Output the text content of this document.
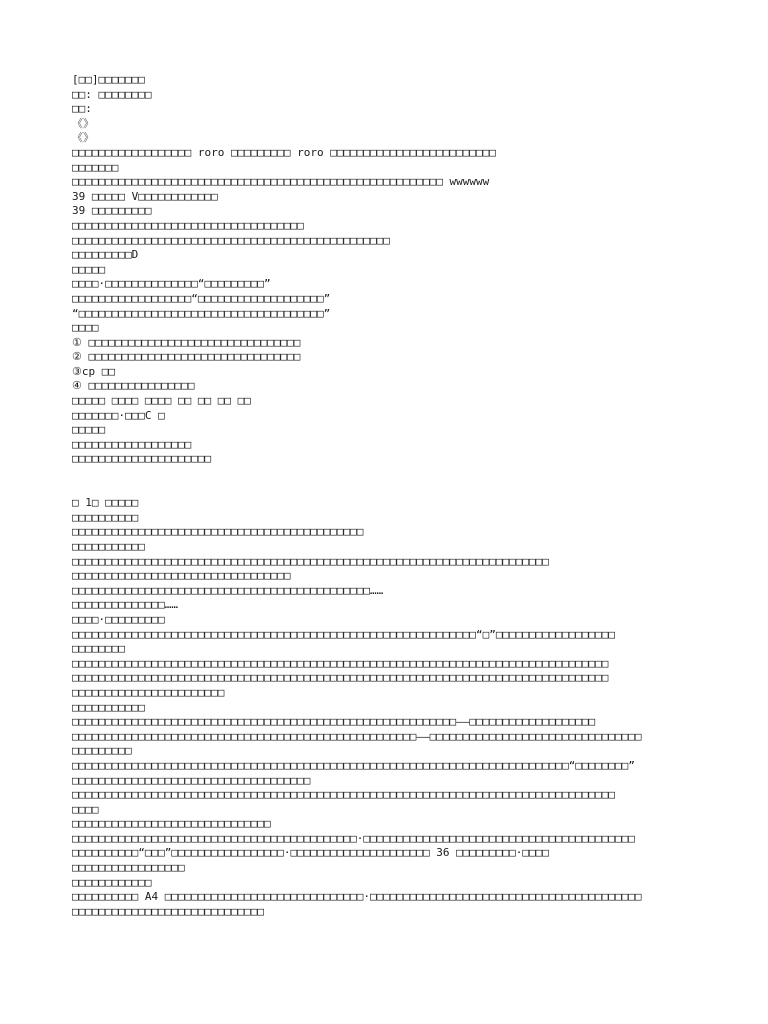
[□□]□□□□□□□
□□: □□□□□□□□
□□:
《》
《》
□□□□□□□□□□□□□□□□□□ roro □□□□□□□□□ roro □□□□□□□□□□□□□□□□□□□□□□□□□
□□□□□□□
□□□□□□□□□□□□□□□□□□□□□□□□□□□□□□□□□□□□□□□□□□□□□□□□□□□□□□□□ wwwwww
39 □□□□□ V□□□□□□□□□□□□
39 □□□□□□□□□
□□□□□□□□□□□□□□□□□□□□□□□□□□□□□□□□□□□
□□□□□□□□□□□□□□□□□□□□□□□□□□□□□□□□□□□□□□□□□□□□□□□□
□□□□□□□□□D
□□□□□
□□□□·□□□□□□□□□□□□□□“□□□□□□□□□”
□□□□□□□□□□□□□□□□□□“□□□□□□□□□□□□□□□□□□□”
“□□□□□□□□□□□□□□□□□□□□□□□□□□□□□□□□□□□□□”
□□□□
① □□□□□□□□□□□□□□□□□□□□□□□□□□□□□□□□
② □□□□□□□□□□□□□□□□□□□□□□□□□□□□□□□□
③cp □□
④ □□□□□□□□□□□□□□□□
□□□□□ □□□□ □□□□ □□ □□ □□ □□
□□□□□□□·□□□C □
□□□□□
□□□□□□□□□□□□□□□□□□
□□□□□□□□□□□□□□□□□□□□□
□ 1□ □□□□□
□□□□□□□□□□
□□□□□□□□□□□□□□□□□□□□□□□□□□□□□□□□□□□□□□□□□□□□
□□□□□□□□□□□
□□□□□□□□□□□□□□□□□□□□□□□□□□□□□□□□□□□□□□□□□□□□□□□□□□□□□□□□□□□□□□□□□□□□□□□□
□□□□□□□□□□□□□□□□□□□□□□□□□□□□□□□□□
□□□□□□□□□□□□□□□□□□□□□□□□□□□□□□□□□□□□□□□□□□□□□……
□□□□□□□□□□□□□□……
□□□□·□□□□□□□□□
□□□□□□□□□□□□□□□□□□□□□□□□□□□□□□□□□□□□□□□□□□□□□□□□□□□□□□□□□□□□□“□”□□□□□□□□□□□□□□□□□□
□□□□□□□□
□□□□□□□□□□□□□□□□□□□□□□□□□□□□□□□□□□□□□□□□□□□□□□□□□□□□□□□□□□□□□□□□□□□□□□□□□□□□□□□□□
□□□□□□□□□□□□□□□□□□□□□□□□□□□□□□□□□□□□□□□□□□□□□□□□□□□□□□□□□□□□□□□□□□□□□□□□□□□□□□□□□
□□□□□□□□□□□□□□□□□□□□□□□
□□□□□□□□□□□
□□□□□□□□□□□□□□□□□□□□□□□□□□□□□□□□□□□□□□□□□□□□□□□□□□□□□□□□□□——□□□□□□□□□□□□□□□□□□□
□□□□□□□□□□□□□□□□□□□□□□□□□□□□□□□□□□□□□□□□□□□□□□□□□□□□——□□□□□□□□□□□□□□□□□□□□□□□□□□□□□□□□
□□□□□□□□□
□□□□□□□□□□□□□□□□□□□□□□□□□□□□□□□□□□□□□□□□□□□□□□□□□□□□□□□□□□□□□□□□□□□□□□□□□□□“□□□□□□□□”
□□□□□□□□□□□□□□□□□□□□□□□□□□□□□□□□□□□□
□□□□□□□□□□□□□□□□□□□□□□□□□□□□□□□□□□□□□□□□□□□□□□□□□□□□□□□□□□□□□□□□□□□□□□□□□□□□□□□□□□
□□□□
□□□□□□□□□□□□□□□□□□□□□□□□□□□□□□
□□□□□□□□□□□□□□□□□□□□□□□□□□□□□□□□□□□□□□□□□□□·□□□□□□□□□□□□□□□□□□□□□□□□□□□□□□□□□□□□□□□□□
□□□□□□□□□□“□□□”□□□□□□□□□□□□□□□□□·□□□□□□□□□□□□□□□□□□□□□ 36 □□□□□□□□□·□□□□
□□□□□□□□□□□□□□□□□
□□□□□□□□□□□□
□□□□□□□□□□ A4 □□□□□□□□□□□□□□□□□□□□□□□□□□□□□□·□□□□□□□□□□□□□□□□□□□□□□□□□□□□□□□□□□□□□□□□□
□□□□□□□□□□□□□□□□□□□□□□□□□□□□□
